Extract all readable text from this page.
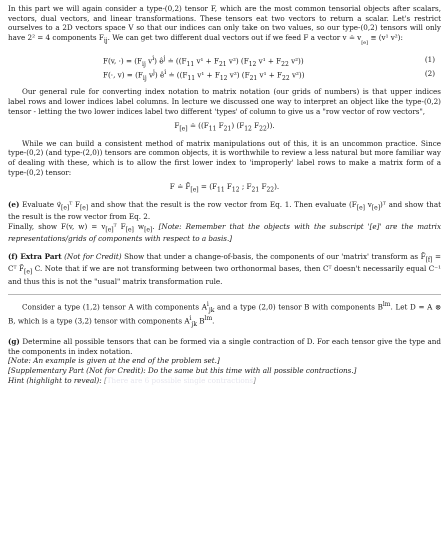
In this part we will again consider a type-(0,2) tensor F, which are the most common tensorial objects after scalars, vectors, dual vectors, and linear transformations. These tensors eat two vectors to return a scalar. Let's restrict ourselves to a 2D vectors space V so that our indices can only take on two values, so our type-(0,2) tensors will only have 2² = 4 components $F_{ij}$. We can get two different dual vectors out if we feed F a vector v ≐ $v_{_{[e]}} \equiv (v^1$ v²):

F(v, ·) = ($F_{ij}$ $v^i$) $ê^j$ ≐ (($F_{11}$ $v^1 + F_{21}$ v²) ($F_{12}$ $v^1 + F_{22}$ v²))	(1)
F(·, $v) = (F_{ij}$ $v^j$) $ê^i$ ≐ (($F_{11}$ $v^1 + F_{12}$ v²) ($F_{21}$ $v^1 + F_{22}$ v²))	(2)

Our general rule for converting index notation to matrix notation (our grids of numbers) is that upper indices label rows and lower indices label columns. In lecture we discussed one way to interpret an object like the type-(0,2) tensor - letting the two lower indices label two different 'types' of column to give us a "row vector of row vectors",

$F_{[e]}$ ≐ (($F_{11}$ $F_{21}$) ($F_{12}$ $F_{22}$)).

While we can build a consistent method of matrix manipulations out of this, it is an uncommon practice. Since type-(0,2) (and type-(2,0)) tensors are common objects, it is worthwhile to review a less natural but more familiar way of dealing with these, which is to allow the first lower index to 'improperly' label rows to make a matrix form of a type-(0,2) tensor:

F ≐ $F̃_{[e]} = (F_{11}$ $F_{12}$ ; $F_{21}$ $F_{22}$).

(e) Evaluate $v⃗_{[e]}ᵀ$ $F_{[e]}$ and show that the result is the row vector from Eq. 1. Then evaluate ($F_{[e]}$ $v_{[e]})ᵀ$ and show that the result is the row vector from Eq. 2.

Finally, show F(v, $w) = v_{[e]}ᵀ$ $F_{[e]}$ $w_{[e]}$. [Note: Remember that the objects with the subscript '[e]' are the matrix representations/grids of components with respect to a basis.]

(f) Extra Part (Not for Credit) Show that under a change-of-basis, the components of our 'matrix' transform as $F̃_{[f]}$ = Cᵀ $F̃_{[e]}$ C. Note that if we are not transforming between two orthonormal bases, then Cᵀ doesn't necessarily equal C⁻¹ and thus this is not the "usual" matrix transformation rule.

Consider a type (1,2) tensor A with components $A^i_{jk}$ and a type (2,0) tensor B with components $B^{lm}$. Let D = A ⊗ B, which is a type (3,2) tensor with components $A^i_{jk}$ $B^{lm}$.

(g) Determine all possible tensors that can be formed via a single contraction of D. For each tensor give the type and the components in index notation.

[Note: An example is given at the end of the problem set.]

[Supplementary Part (Not for Credit): Do the same but this time with all possible contractions.]

Hint (highlight to reveal): [There are 6 possible single contractions]
